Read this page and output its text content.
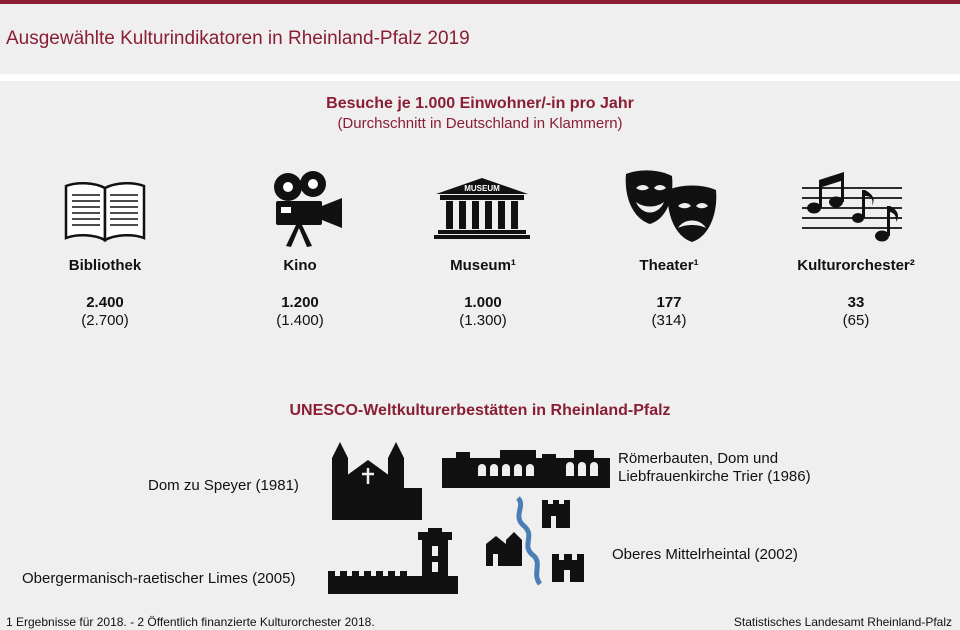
Ausgewählte Kulturindikatoren in Rheinland-Pfalz 2019
Besuche je 1.000 Einwohner/-in pro Jahr
(Durchschnitt in Deutschland in Klammern)
MUSEUM
Bibliothek
2.400
(2.700)
Kino
1.200
(1.400)
Museum¹
1.000
(1.300)
Theater¹
177
(314)
Kulturorchester²
33
(65)
UNESCO-Weltkulturerbestätten in Rheinland-Pfalz
Dom zu Speyer (1981)
Römerbauten, Dom und
Liebfrauenkirche Trier (1986)
Oberes Mittelrheintal (2002)
Obergermanisch-raetischer Limes (2005)
1 Ergebnisse für 2018. - 2 Öffentlich finanzierte Kulturorchester 2018.	Statistisches Landesamt Rheinland-Pfalz
